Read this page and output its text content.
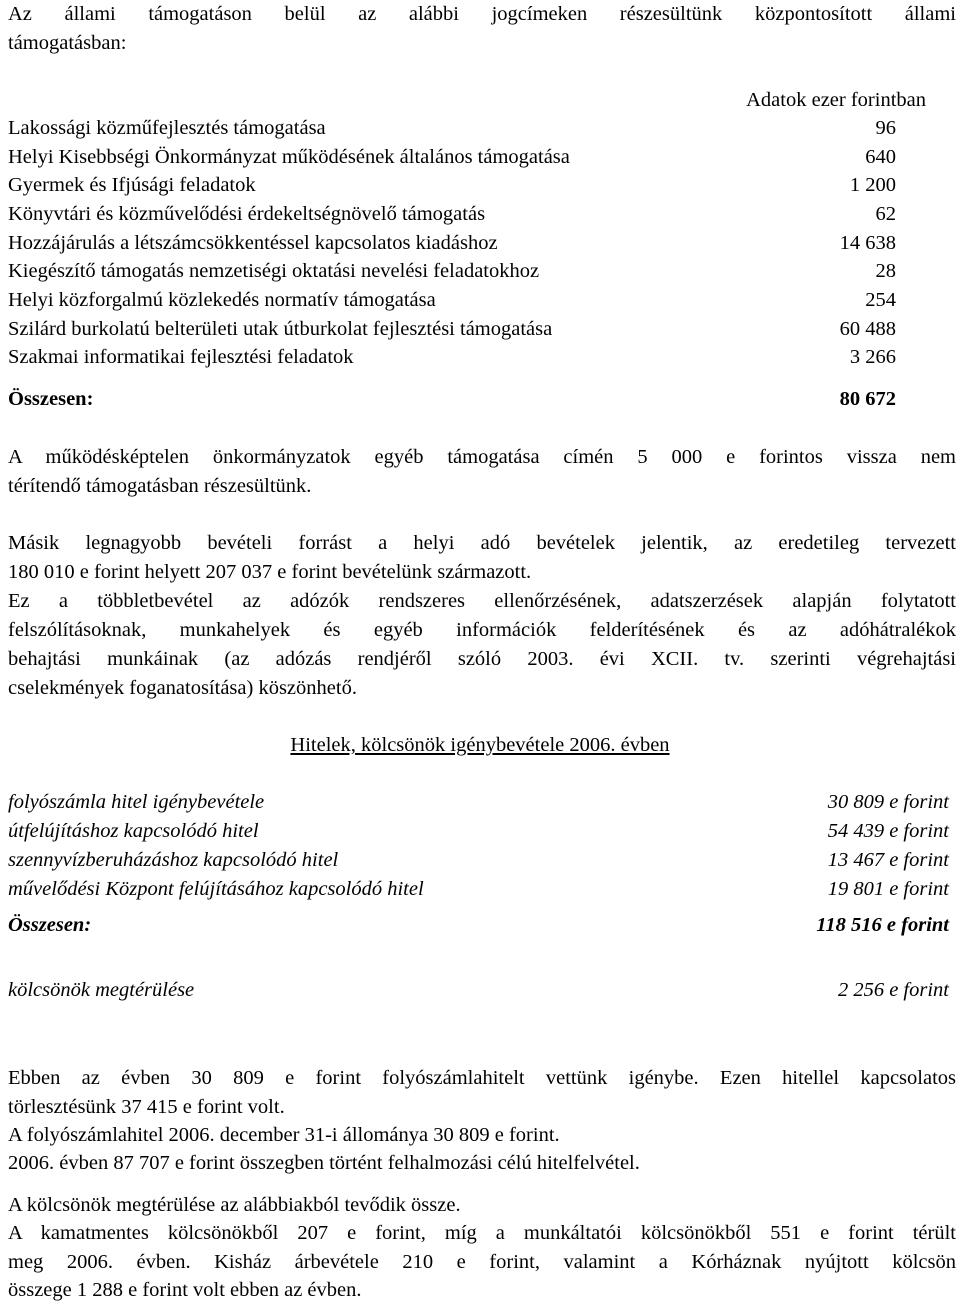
Az állami támogatáson belül az alábbi jogcímeken részesültünk központosított állami
támogatásban:
Adatok ezer forintban
Lakossági közműfejlesztés támogatása	96
Helyi Kisebbségi Önkormányzat működésének általános támogatása	640
Gyermek és Ifjúsági feladatok	1 200
Könyvtári és közművelődési érdekeltségnövelő támogatás	62
Hozzájárulás a létszámcsökkentéssel kapcsolatos kiadáshoz	14 638
Kiegészítő támogatás nemzetiségi oktatási nevelési feladatokhoz	28
Helyi közforgalmú közlekedés normatív támogatása	254
Szilárd burkolatú belterületi utak útburkolat fejlesztési támogatása	60 488
Szakmai informatikai fejlesztési feladatok	3 266
Összesen:	80 672
A működésképtelen önkormányzatok egyéb támogatása címén 5 000 e forintos vissza nem
térítendő támogatásban részesültünk.
Másik legnagyobb bevételi forrást a helyi adó bevételek jelentik, az eredetileg tervezett
180 010 e forint helyett 207 037 e forint bevételünk származott.
Ez a többletbevétel az adózók rendszeres ellenőrzésének, adatszerzések alapján folytatott
felszólításoknak, munkahelyek és egyéb információk felderítésének és az adóhátralékok
behajtási munkáinak (az adózás rendjéről szóló 2003. évi XCII. tv. szerinti végrehajtási
cselekmények foganatosítása) köszönhető.
Hitelek, kölcsönök igénybevétele 2006. évben
folyószámla hitel igénybevétele	30 809 e forint
útfelújításhoz kapcsolódó hitel	54 439 e forint
szennyvízberuházáshoz kapcsolódó hitel	13 467 e forint
művelődési Központ felújításához kapcsolódó hitel	19 801 e forint
Összesen:	118 516 e forint
kölcsönök megtérülése	2 256 e forint
Ebben az évben 30 809 e forint folyószámlahitelt vettünk igénybe. Ezen hitellel kapcsolatos
törlesztésünk 37 415 e forint volt.
A folyószámlahitel 2006. december 31-i állománya 30 809 e forint.
2006. évben 87 707 e forint összegben történt felhalmozási célú hitelfelvétel.
A kölcsönök megtérülése az alábbiakból tevődik össze.
A kamatmentes kölcsönökből 207 e forint, míg a munkáltatói kölcsönökből 551 e forint térült
meg 2006. évben. Kisház árbevétele 210 e forint, valamint a Kórháznak nyújtott kölcsön
összege 1 288 e forint volt ebben az évben.
